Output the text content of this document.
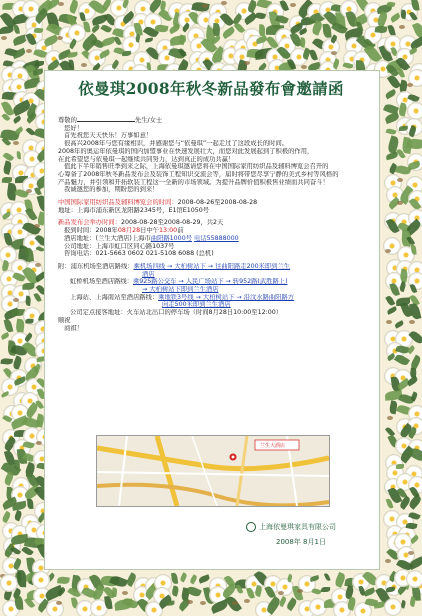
依曼琪2008年秋冬新品發布會邀請函

尊敬的	先生/女士

您好！

首先祝您天天快乐！万事如意！

很高兴2008年与您有缘相识，并感谢您与“依曼琪”一起走过了这段成长的时间。

2008年的奥运年依曼琪的国内加盟事业在快速发展壮大，而您对此发展起到了积极的作用，

在此希望您与依曼琪一起继续共同努力，达到真正的成功共赢！

值此下半年销售旺季到来之际，上海依曼琪邀请您将在中国国际家用纺织品及辅料博览会召开的

心筹备了2008年秋冬新品发布会及装饰工程知识交流会等，届时将带您尽享宁静的美式乡村等风格的

产品魅力，并引领和开拓软装工程这一全新的市场领域。为提升品牌价值积极售业绩而共同奋斗！

我诚邀您的参加，期盼您的到来！

中国国际家用纺织品及辅料博览会的时间：2008-08-26至2008-08-28

地址：上海市浦东新区龙阳路2345号，E1馆E1050号

新品发布会举办时间：2008-08-28至2008-08-29，共2天

报到时间：2008年08月28日中午13:00前

酒店地址：(兰生大酒店)上海市曲阳路1000号 电话55888000

公司地址：上海市虹口区同心路1037号

咨询电话：021-5663 0602 021-5108 6088 (总机)

附：浦东机场至酒店路线：乘机场四线 → 大柏树站下 → 往曲阳路走200米即到兰生

酒店

虹桥机场至酒店路线：乘925路公交车 → 人民广场站下 → 转952路(武胜路上)

→ 大柏树站下即到兰生酒店

上海站、上海南站至酒店路线：乘地铁3号线 → 大柏树站下 → 沿汶水路曲阳路方

向走500米即到兰生酒店

公司定点接客地址：火车站北出口的停车场（时间8月28日10:00至12:00）

顺祝

商祺！

兰生大酒店
上海依曼琪家具有限公司
2008年 8月1日
